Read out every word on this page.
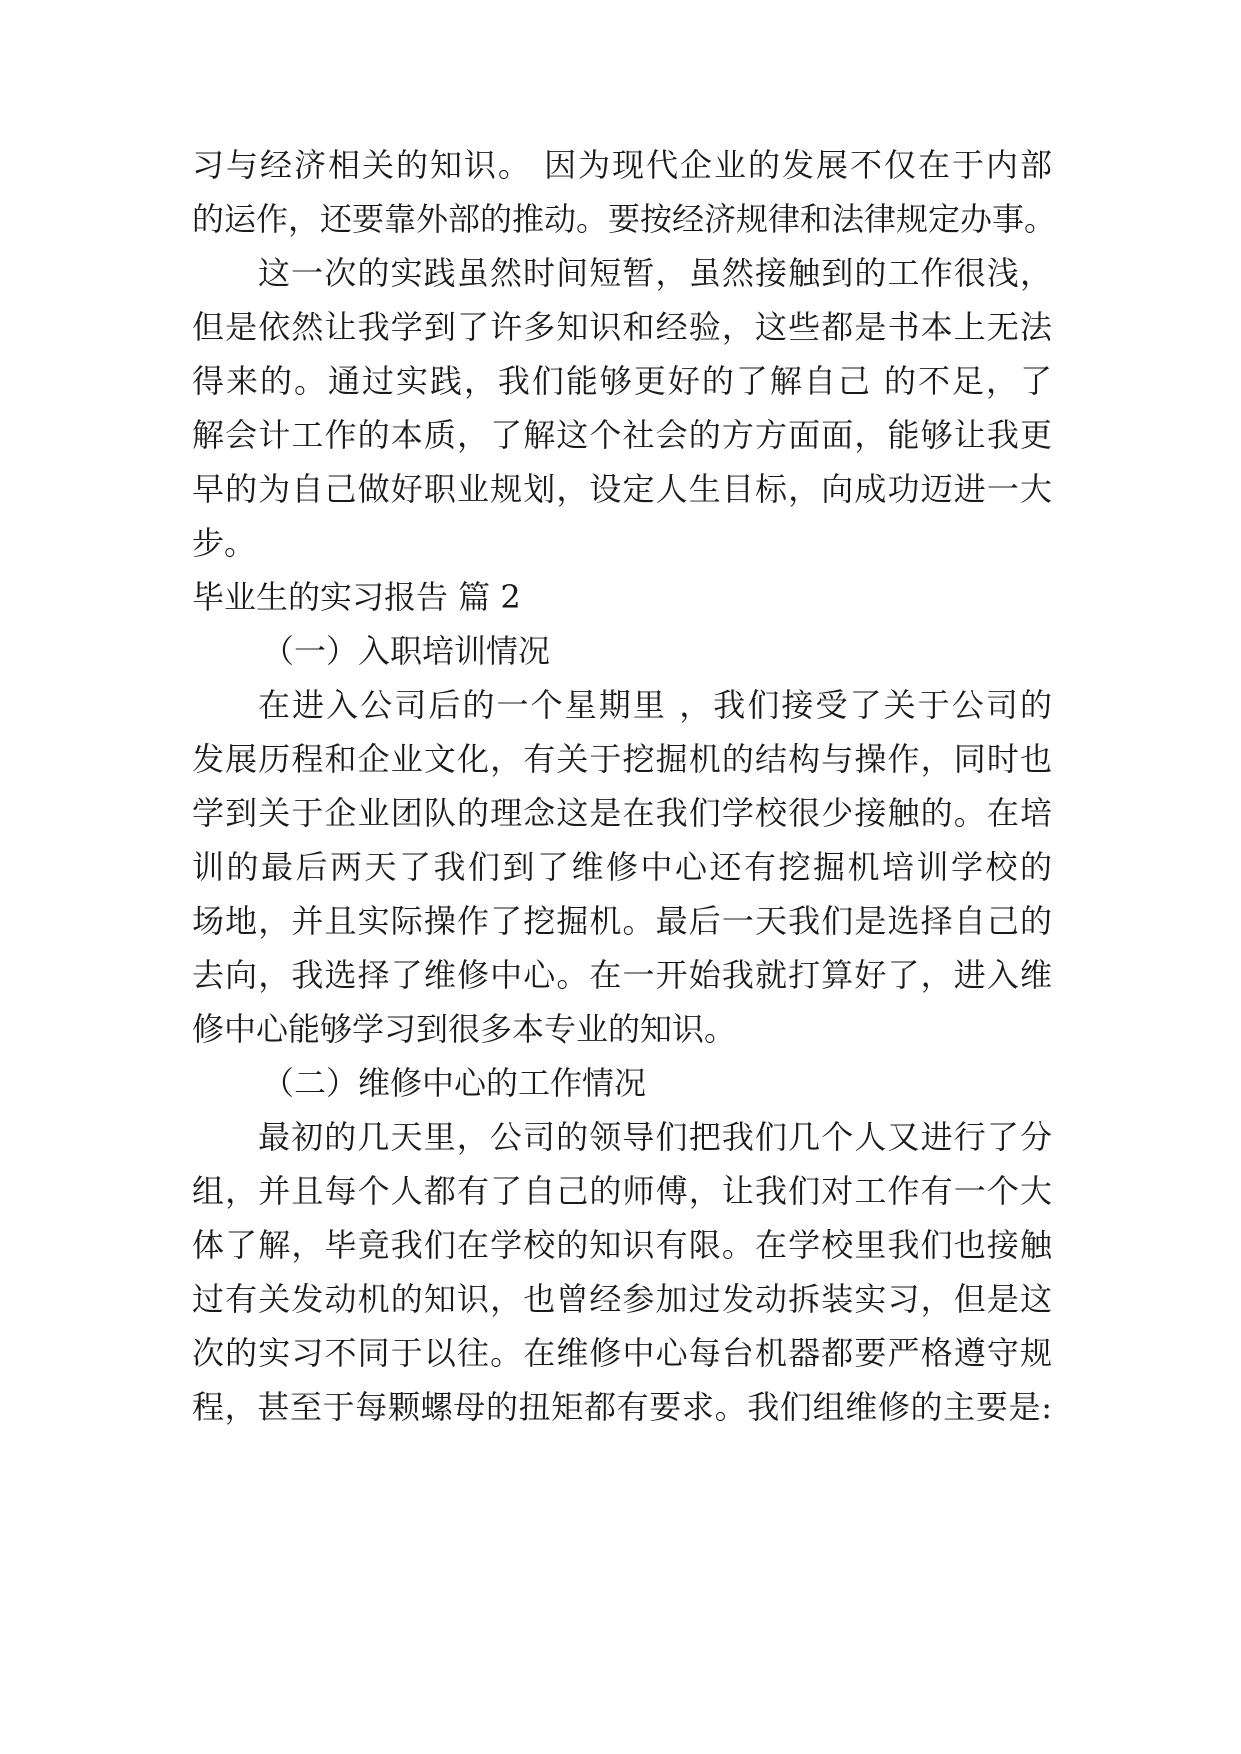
习与经济相关的知识。 因为现代企业的发展不仅在于内部
的运作，还要靠外部的推动。要按经济规律和法律规定办事。
这一次的实践虽然时间短暂，虽然接触到的工作很浅，
但是依然让我学到了许多知识和经验，这些都是书本上无法
得来的。通过实践，我们能够更好的了解自己 的不足，了
解会计工作的本质，了解这个社会的方方面面，能够让我更
早的为自己做好职业规划，设定人生目标，向成功迈进一大
步。
毕业生的实习报告 篇 2
（一）入职培训情况
在进入公司后的一个星期里 ，我们接受了关于公司的
发展历程和企业文化，有关于挖掘机的结构与操作，同时也
学到关于企业团队的理念这是在我们学校很少接触的。在培
训的最后两天了我们到了维修中心还有挖掘机培训学校的
场地，并且实际操作了挖掘机。最后一天我们是选择自己的
去向，我选择了维修中心。在一开始我就打算好了，进入维
修中心能够学习到很多本专业的知识。
（二）维修中心的工作情况
最初的几天里，公司的领导们把我们几个人又进行了分
组，并且每个人都有了自己的师傅，让我们对工作有一个大
体了解，毕竟我们在学校的知识有限。在学校里我们也接触
过有关发动机的知识，也曾经参加过发动拆装实习，但是这
次的实习不同于以往。在维修中心每台机器都要严格遵守规
程，甚至于每颗螺母的扭矩都有要求。我们组维修的主要是:
